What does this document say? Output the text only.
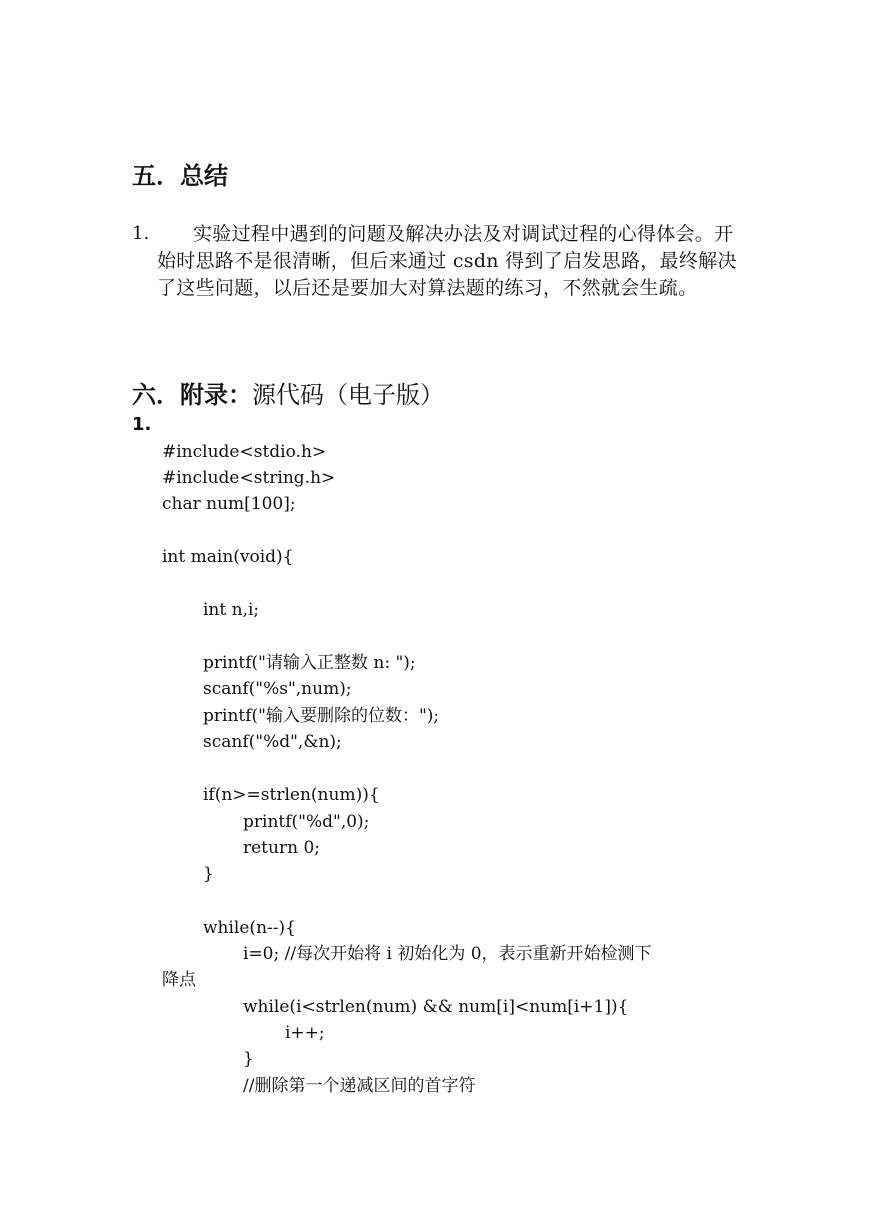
五．总结
1.	实验过程中遇到的问题及解决办法及对调试过程的心得体会。开始时思路不是很清晰，但后来通过 csdn 得到了启发思路，最终解决了这些问题，以后还是要加大对算法题的练习，不然就会生疏。
六．附录：源代码（电子版）
1.
#include<stdio.h>
#include<string.h>
char num[100];
int main(void){
int n,i;
printf("请输入正整数 n: ");
scanf("%s",num);
printf("输入要删除的位数：");
scanf("%d",&n);
if(n>=strlen(num)){
printf("%d",0);
return 0;
}
while(n--){
i=0; //每次开始将 i 初始化为 0，表示重新开始检测下
降点
while(i<strlen(num) && num[i]<num[i+1]){
i++;
}
//删除第一个递减区间的首字符
